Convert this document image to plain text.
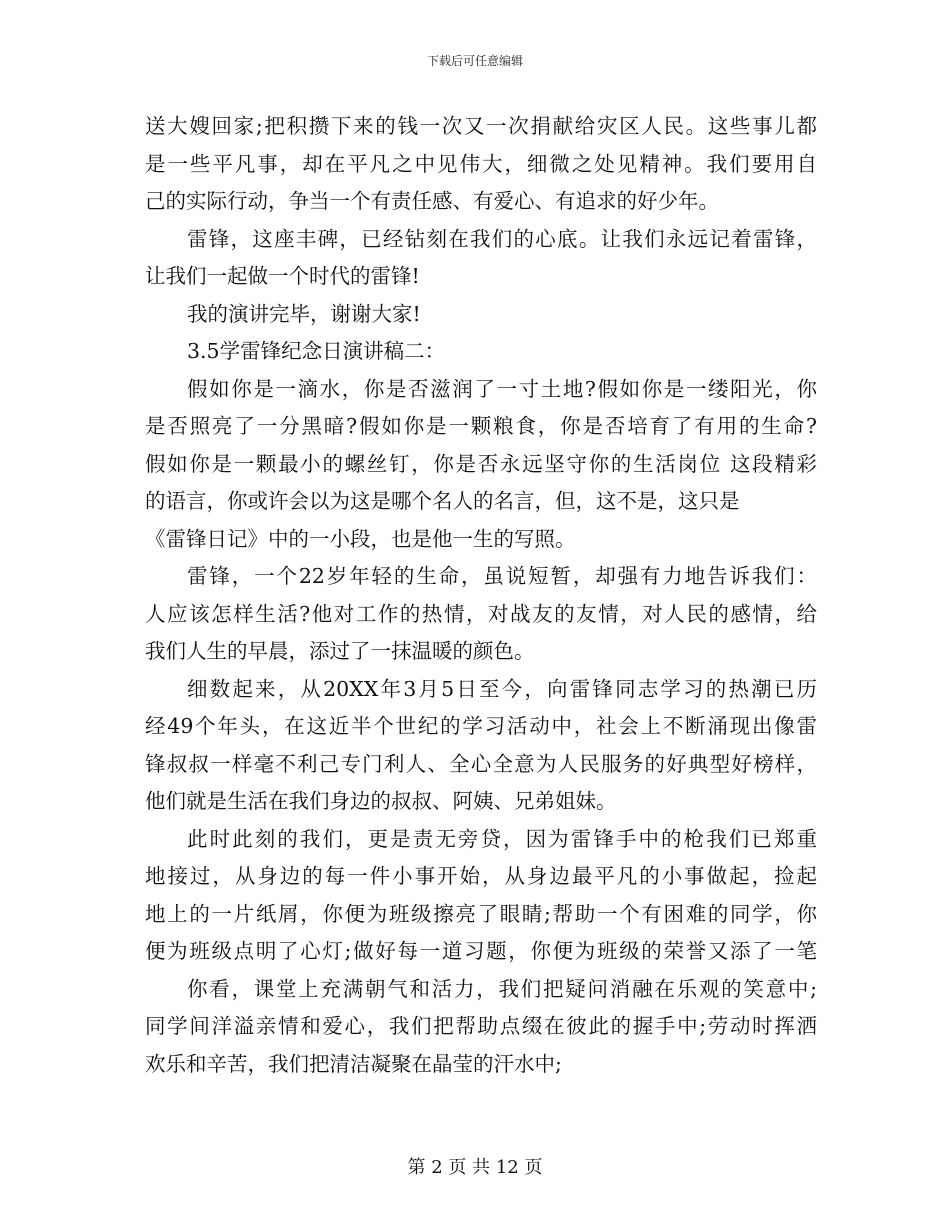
下载后可任意编辑
送大嫂回家;把积攒下来的钱一次又一次捐献给灾区人民。这些事儿都
是一些平凡事，却在平凡之中见伟大，细微之处见精神。我们要用自
己的实际行动，争当一个有责任感、有爱心、有追求的好少年。
雷锋，这座丰碑，已经钻刻在我们的心底。让我们永远记着雷锋，
让我们一起做一个时代的雷锋!
我的演讲完毕，谢谢大家!
3.5学雷锋纪念日演讲稿二：
假如你是一滴水，你是否滋润了一寸土地?假如你是一缕阳光，你
是否照亮了一分黑暗?假如你是一颗粮食，你是否培育了有用的生命?
假如你是一颗最小的螺丝钉，你是否永远坚守你的生活岗位 这段精彩
的语言，你或许会以为这是哪个名人的名言，但，这不是，这只是
《雷锋日记》中的一小段，也是他一生的写照。
雷锋，一个22岁年轻的生命，虽说短暂，却强有力地告诉我们：
人应该怎样生活?他对工作的热情，对战友的友情，对人民的感情，给
我们人生的早晨，添过了一抹温暖的颜色。
细数起来，从20XX年3月5日至今，向雷锋同志学习的热潮已历
经49个年头，在这近半个世纪的学习活动中，社会上不断涌现出像雷
锋叔叔一样毫不利己专门利人、全心全意为人民服务的好典型好榜样，
他们就是生活在我们身边的叔叔、阿姨、兄弟姐妹。
此时此刻的我们，更是责无旁贷，因为雷锋手中的枪我们已郑重
地接过，从身边的每一件小事开始，从身边最平凡的小事做起，捡起
地上的一片纸屑，你便为班级擦亮了眼睛;帮助一个有困难的同学，你
便为班级点明了心灯;做好每一道习题，你便为班级的荣誉又添了一笔
你看，课堂上充满朝气和活力，我们把疑问消融在乐观的笑意中;
同学间洋溢亲情和爱心，我们把帮助点缀在彼此的握手中;劳动时挥洒
欢乐和辛苦，我们把清洁凝聚在晶莹的汗水中;
第 2 页 共 12 页
